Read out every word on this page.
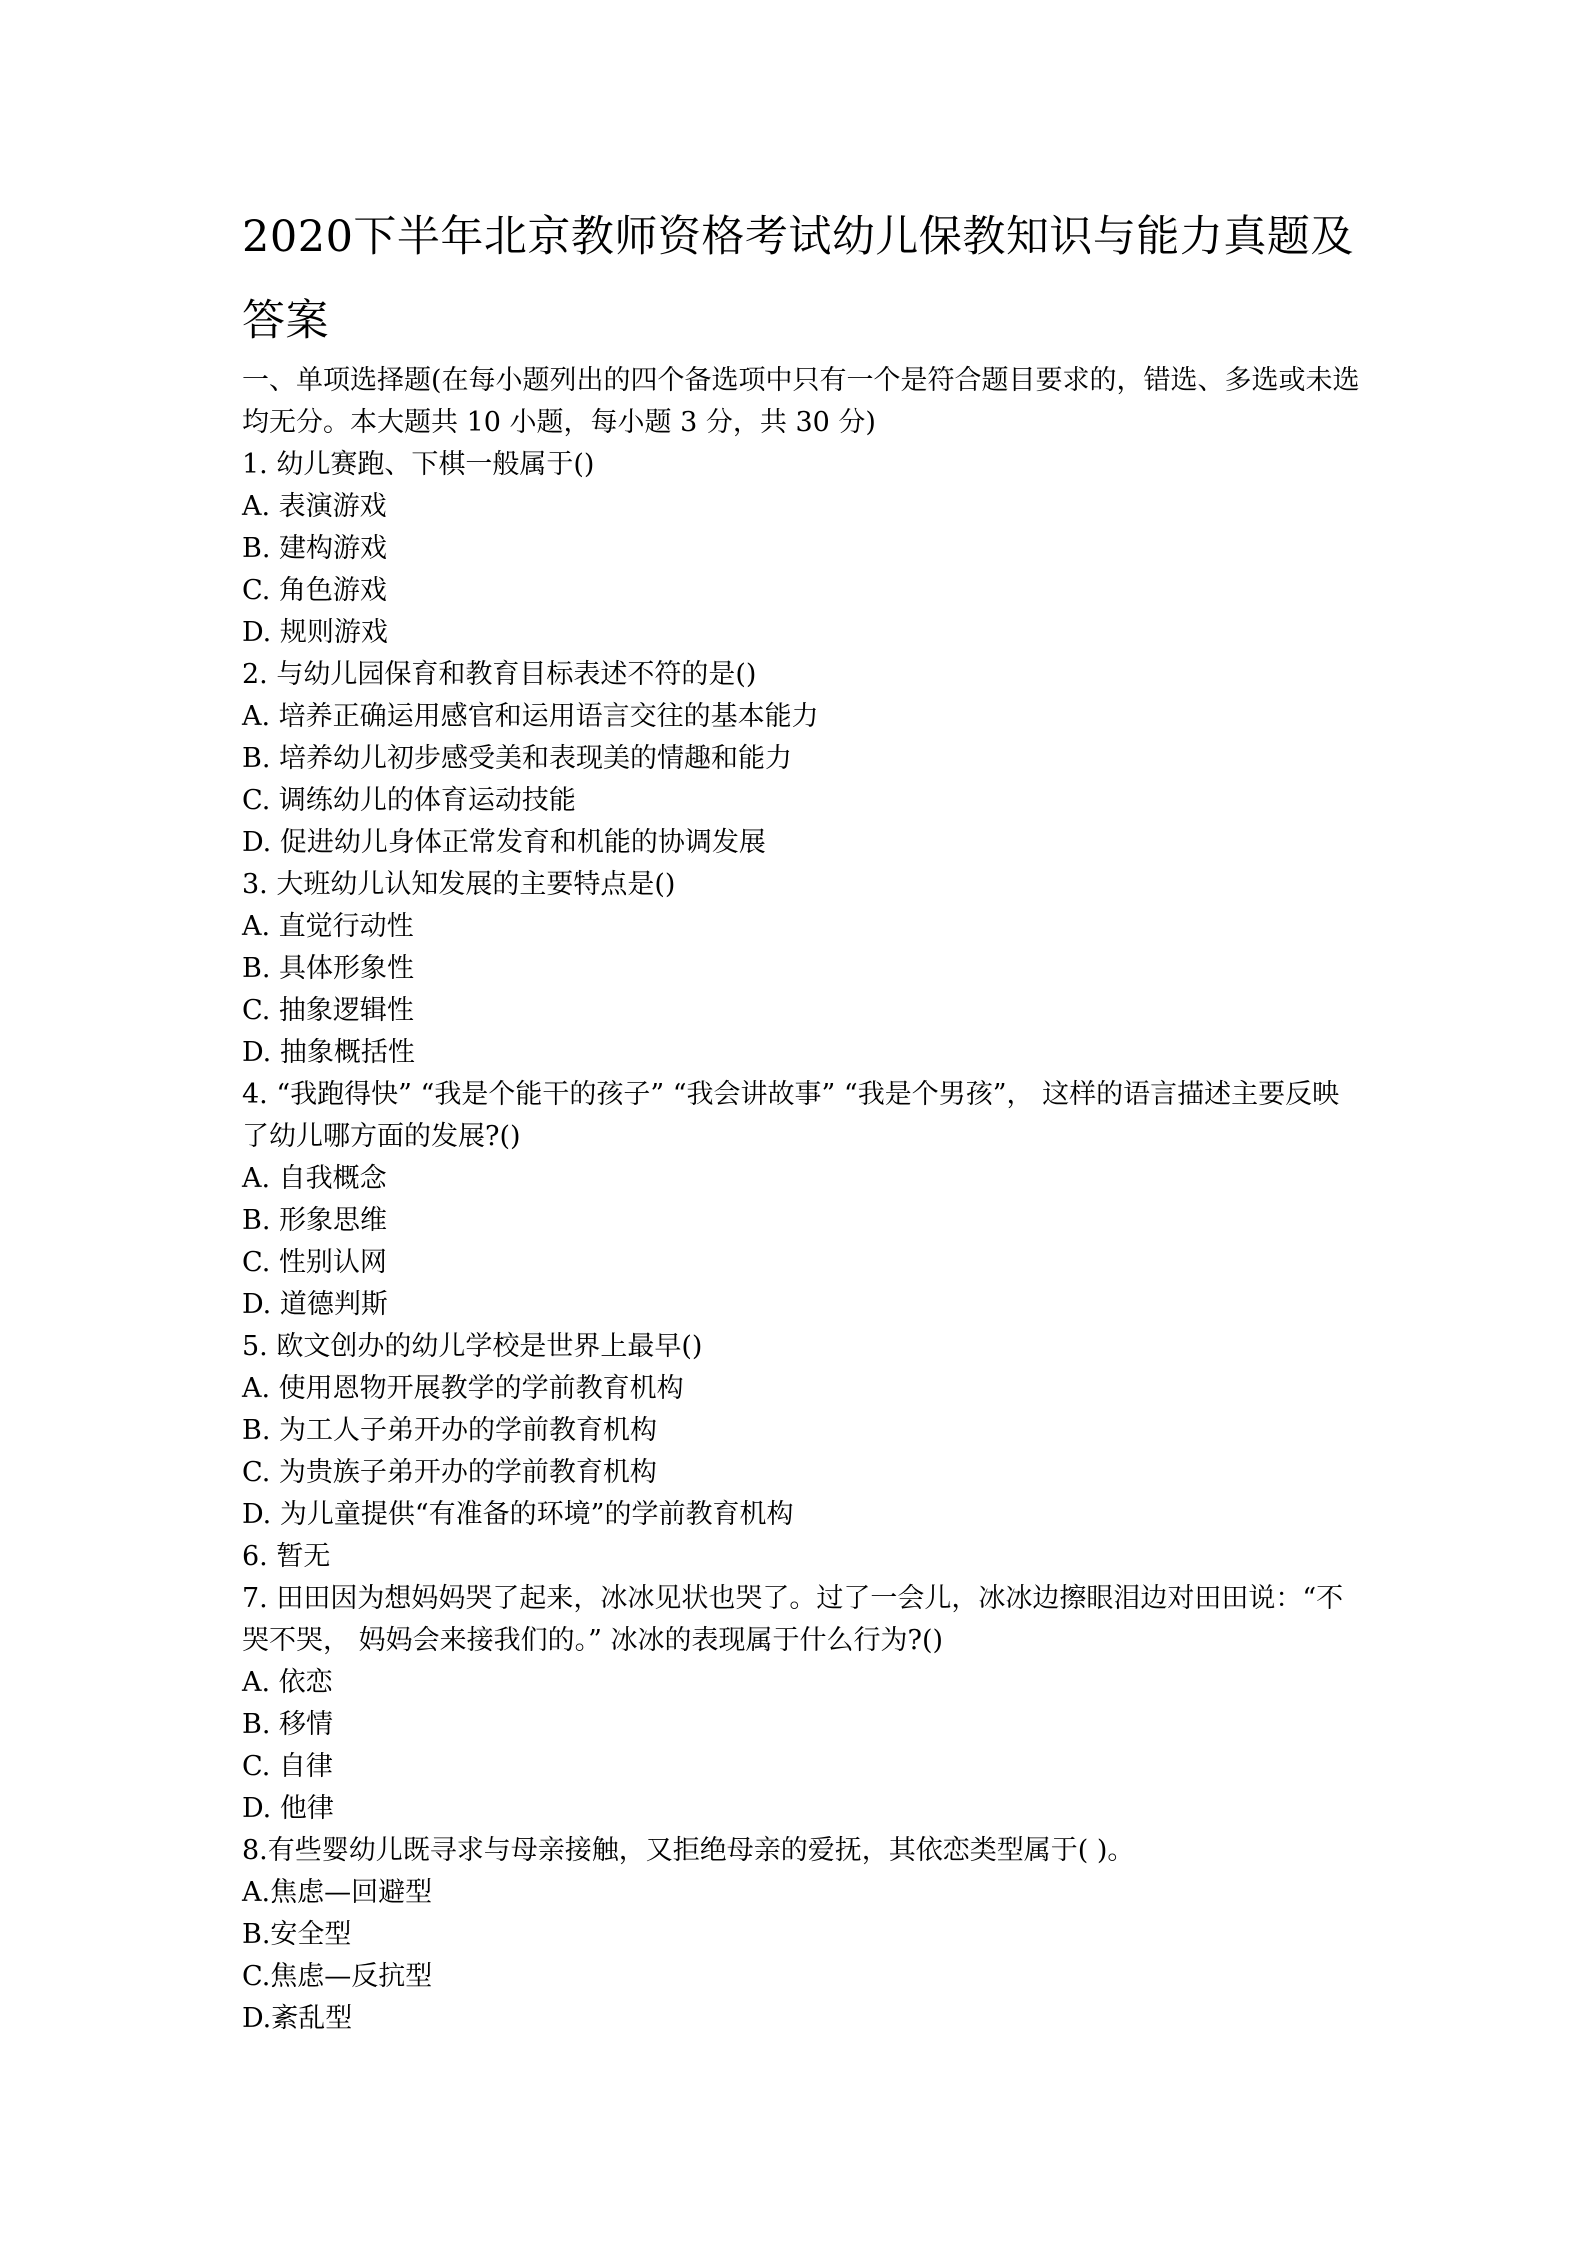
2020下半年北京教师资格考试幼儿保教知识与能力真题及答案
一、单项选择题(在每小题列出的四个备选项中只有一个是符合题目要求的，错选、多选或未选均无分。本大题共 10 小题，每小题 3 分，共 30 分)
1. 幼儿赛跑、下棋一般属于()
A. 表演游戏
B. 建构游戏
C. 角色游戏
D. 规则游戏
2. 与幼儿园保育和教育目标表述不符的是()
A. 培养正确运用感官和运用语言交往的基本能力
B. 培养幼儿初步感受美和表现美的情趣和能力
C. 调练幼儿的体育运动技能
D. 促进幼儿身体正常发育和机能的协调发展
3. 大班幼儿认知发展的主要特点是()
A. 直觉行动性
B. 具体形象性
C. 抽象逻辑性
D. 抽象概括性
4. “我跑得快” “我是个能干的孩子” “我会讲故事” “我是个男孩”， 这样的语言描述主要反映了幼儿哪方面的发展?()
A. 自我概念
B. 形象思维
C. 性别认网
D. 道德判斯
5. 欧文创办的幼儿学校是世界上最早()
A. 使用恩物开展教学的学前教育机构
B. 为工人子弟开办的学前教育机构
C. 为贵族子弟开办的学前教育机构
D. 为儿童提供“有准备的环境”的学前教育机构
6. 暂无
7. 田田因为想妈妈哭了起来，冰冰见状也哭了。过了一会儿，冰冰边擦眼泪边对田田说：“不哭不哭， 妈妈会来接我们的。” 冰冰的表现属于什么行为?()
A. 依恋
B. 移情
C. 自律
D. 他律
8.有些婴幼儿既寻求与母亲接触，又拒绝母亲的爱抚，其依恋类型属于( )。
A.焦虑—回避型
B.安全型
C.焦虑—反抗型
D.紊乱型
